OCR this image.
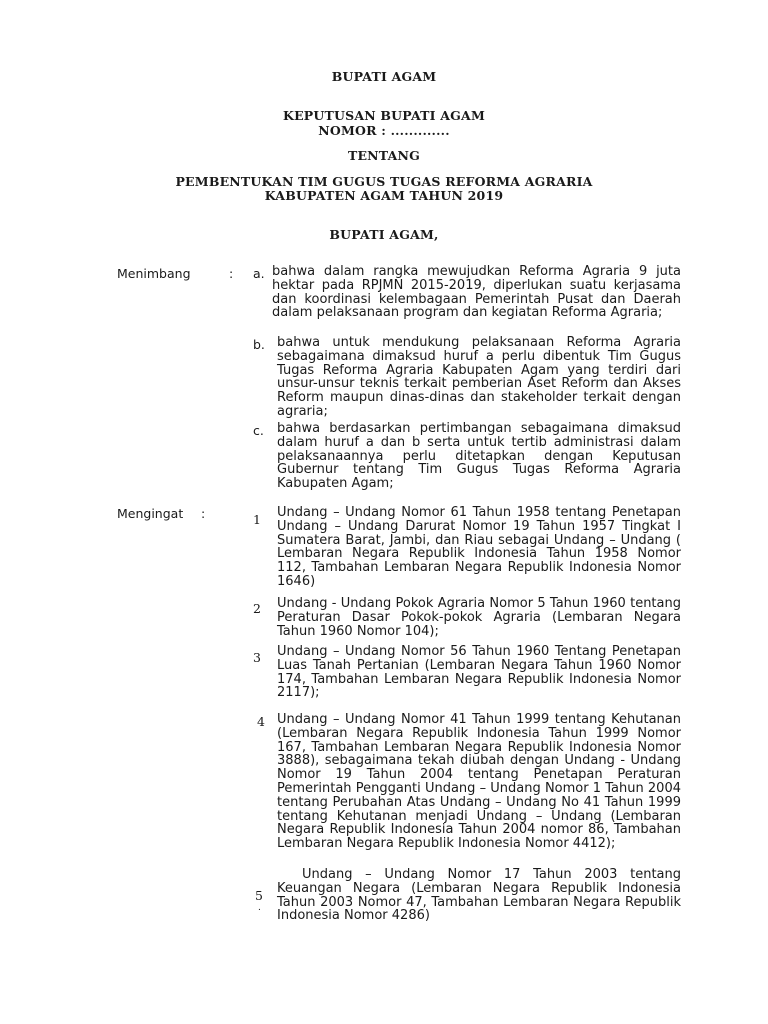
BUPATI AGAM
KEPUTUSAN BUPATI AGAM
NOMOR : .............
TENTANG
PEMBENTUKAN TIM GUGUS TUGAS REFORMA AGRARIA
KABUPATEN AGAM TAHUN 2019
BUPATI AGAM,
Menimbang	: a. bahwa dalam rangka mewujudkan Reforma Agraria 9 juta hektar pada RPJMN 2015-2019, diperlukan suatu kerjasama dan koordinasi kelembagaan Pemerintah Pusat dan Daerah dalam pelaksanaan program dan kegiatan Reforma Agraria;

b. bahwa untuk mendukung pelaksanaan Reforma Agraria sebagaimana dimaksud huruf a perlu dibentuk Tim Gugus Tugas Reforma Agraria Kabupaten Agam yang terdiri dari unsur-unsur teknis terkait pemberian Aset Reform dan Akses Reform maupun dinas-dinas dan stakeholder terkait dengan agraria;

c. bahwa berdasarkan pertimbangan sebagaimana dimaksud dalam huruf a dan b serta untuk tertib administrasi dalam pelaksanaannya perlu ditetapkan dengan Keputusan Gubernur tentang Tim Gugus Tugas Reforma Agraria Kabupaten Agam;

Mengingat :	1 Undang – Undang Nomor 61 Tahun 1958 tentang Penetapan Undang – Undang Darurat Nomor 19 Tahun 1957 Tingkat I Sumatera Barat, Jambi, dan Riau sebagai Undang – Undang ( Lembaran Negara Republik Indonesia Tahun 1958 Nomor 112, Tambahan Lembaran Negara Republik Indonesia Nomor 1646)

2 Undang - Undang Pokok Agraria Nomor 5 Tahun 1960 tentang Peraturan Dasar Pokok-pokok Agraria (Lembaran Negara Tahun 1960 Nomor 104);

3 Undang – Undang Nomor 56 Tahun 1960 Tentang Penetapan Luas Tanah Pertanian (Lembaran Negara Tahun 1960 Nomor 174, Tambahan Lembaran Negara Republik Indonesia Nomor 2117);

4 Undang – Undang Nomor 41 Tahun 1999 tentang Kehutanan (Lembaran Negara Republik Indonesia Tahun 1999 Nomor 167, Tambahan Lembaran Negara Republik Indonesia Nomor 3888), sebagaimana tekah diubah dengan Undang - Undang Nomor 19 Tahun 2004 tentang Penetapan Peraturan Pemerintah Pengganti Undang – Undang Nomor 1 Tahun 2004 tentang Perubahan Atas Undang – Undang No 41 Tahun 1999 tentang Kehutanan menjadi Undang – Undang (Lembaran Negara Republik Indonesia Tahun 2004 nomor 86, Tambahan Lembaran Negara Republik Indonesia Nomor 4412);

5
.

Undang – Undang Nomor 17 Tahun 2003 tentang Keuangan Negara (Lembaran Negara Republik Indonesia Tahun 2003 Nomor 47, Tambahan Lembaran Negara Republik Indonesia Nomor 4286)
